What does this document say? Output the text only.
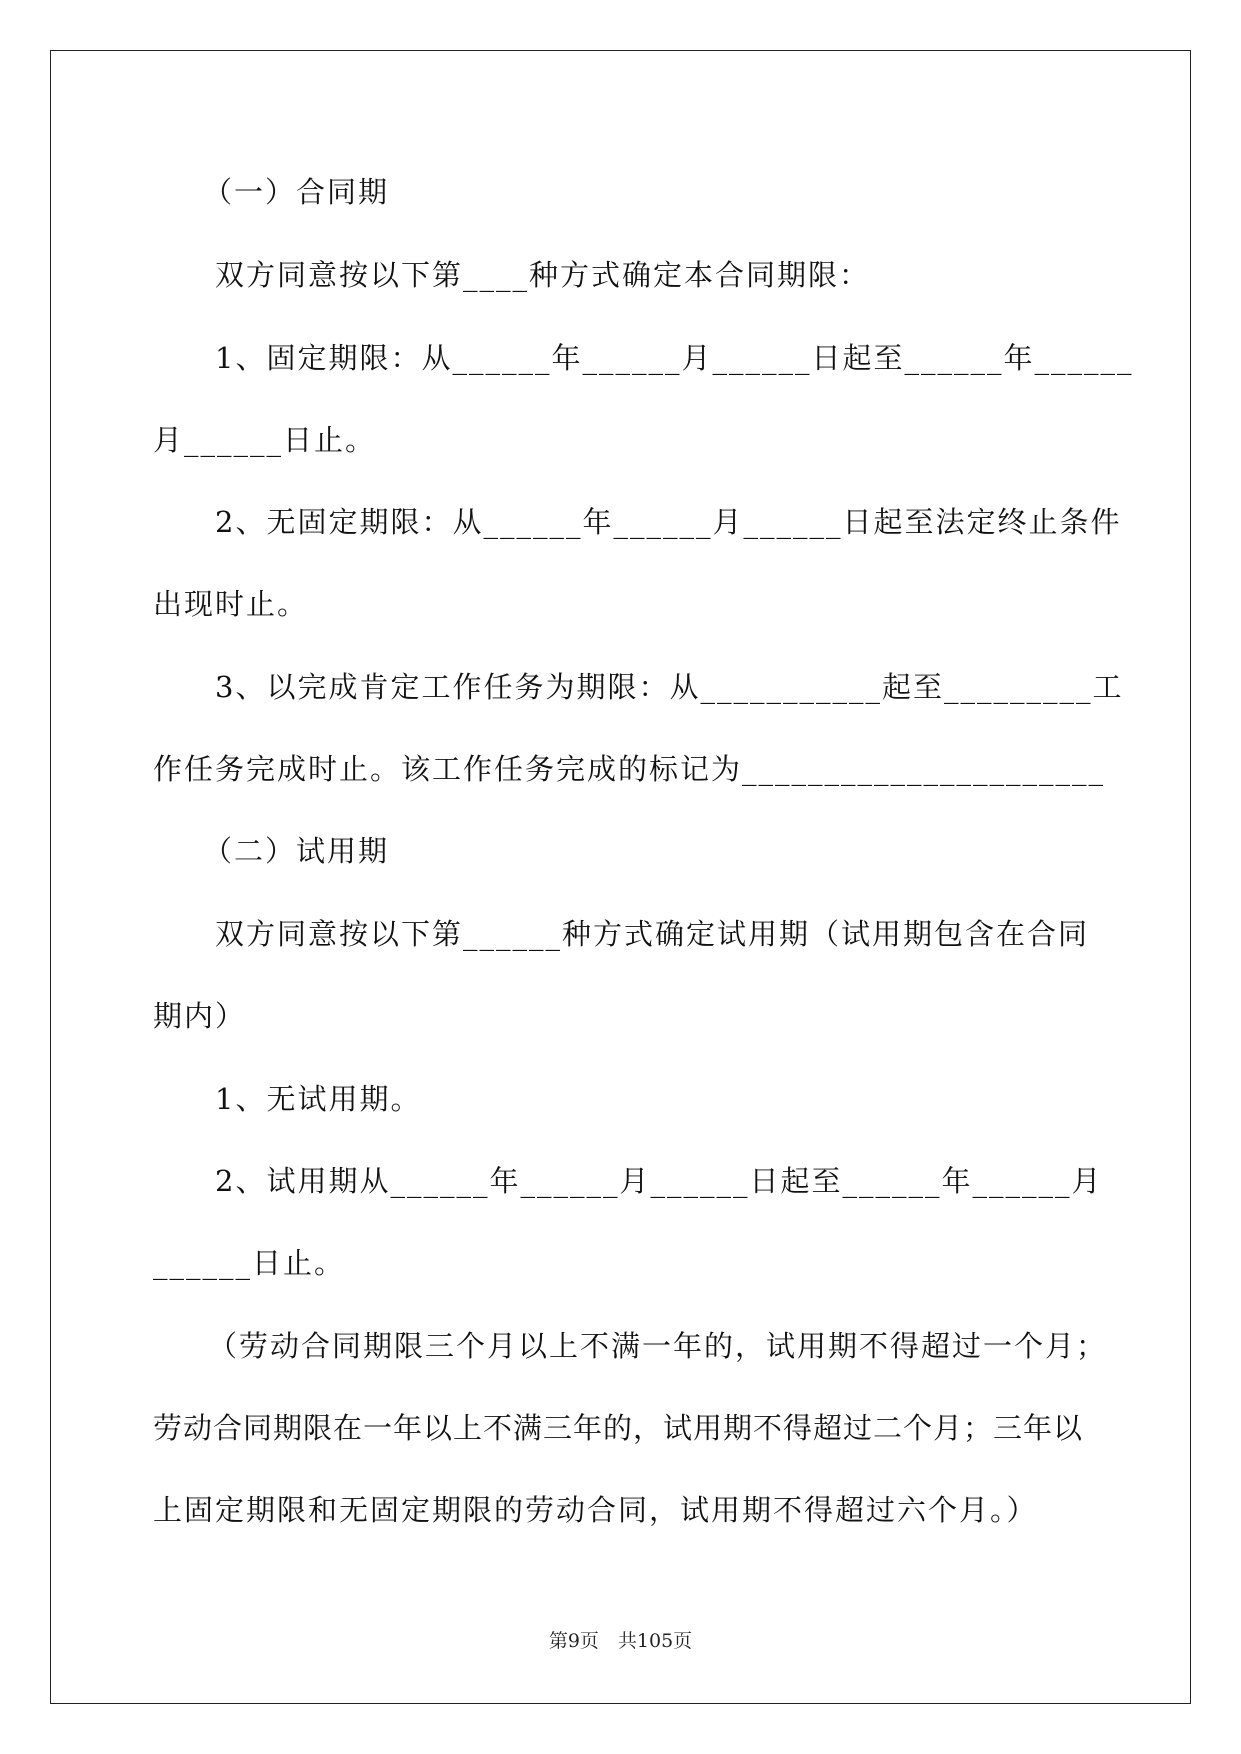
（一）合同期
双方同意按以下第____种方式确定本合同期限：
1、固定期限：从______年______月______日起至______年______
月______日止。
2、无固定期限：从______年______月______日起至法定终止条件
出现时止。
3、以完成肯定工作任务为期限：从___________起至_________工
作任务完成时止。该工作任务完成的标记为______________________
（二）试用期
双方同意按以下第______种方式确定试用期（试用期包含在合同
期内）
1、无试用期。
2、试用期从______年______月______日起至______年______月
______日止。
（劳动合同期限三个月以上不满一年的，试用期不得超过一个月；
劳动合同期限在一年以上不满三年的，试用期不得超过二个月；三年以
上固定期限和无固定期限的劳动合同，试用期不得超过六个月。）
第9页　共105页
